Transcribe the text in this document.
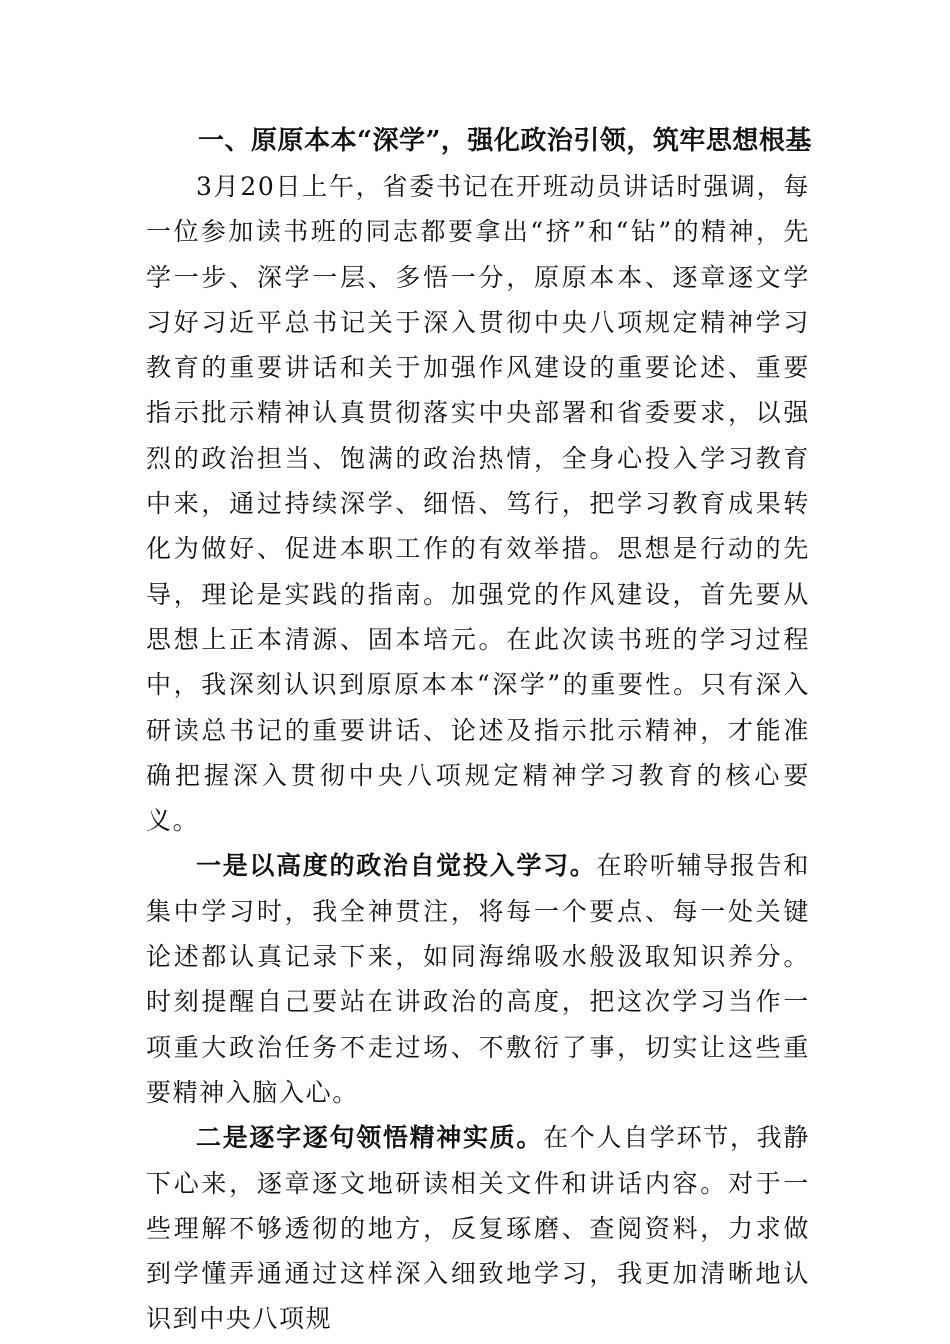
一、原原本本“深学”，强化政治引领，筑牢思想根基

3月20日上午，省委书记在开班动员讲话时强调，每一位参加读书班的同志都要拿出“挤”和“钻”的精神，先学一步、深学一层、多悟一分，原原本本、逐章逐文学习好习近平总书记关于深入贯彻中央八项规定精神学习教育的重要讲话和关于加强作风建设的重要论述、重要指示批示精神认真贯彻落实中央部署和省委要求，以强烈的政治担当、饱满的政治热情，全身心投入学习教育中来，通过持续深学、细悟、笃行，把学习教育成果转化为做好、促进本职工作的有效举措。思想是行动的先导，理论是实践的指南。加强党的作风建设，首先要从思想上正本清源、固本培元。在此次读书班的学习过程中，我深刻认识到原原本本“深学”的重要性。只有深入研读总书记的重要讲话、论述及指示批示精神，才能准确把握深入贯彻中央八项规定精神学习教育的核心要义。

一是以高度的政治自觉投入学习。在聆听辅导报告和集中学习时，我全神贯注，将每一个要点、每一处关键论述都认真记录下来，如同海绵吸水般汲取知识养分。时刻提醒自己要站在讲政治的高度，把这次学习当作一项重大政治任务不走过场、不敷衍了事，切实让这些重要精神入脑入心。

二是逐字逐句领悟精神实质。在个人自学环节，我静下心来，逐章逐文地研读相关文件和讲话内容。对于一些理解不够透彻的地方，反复琢磨、查阅资料，力求做到学懂弄通通过这样深入细致地学习，我更加清晰地认识到中央八项规
